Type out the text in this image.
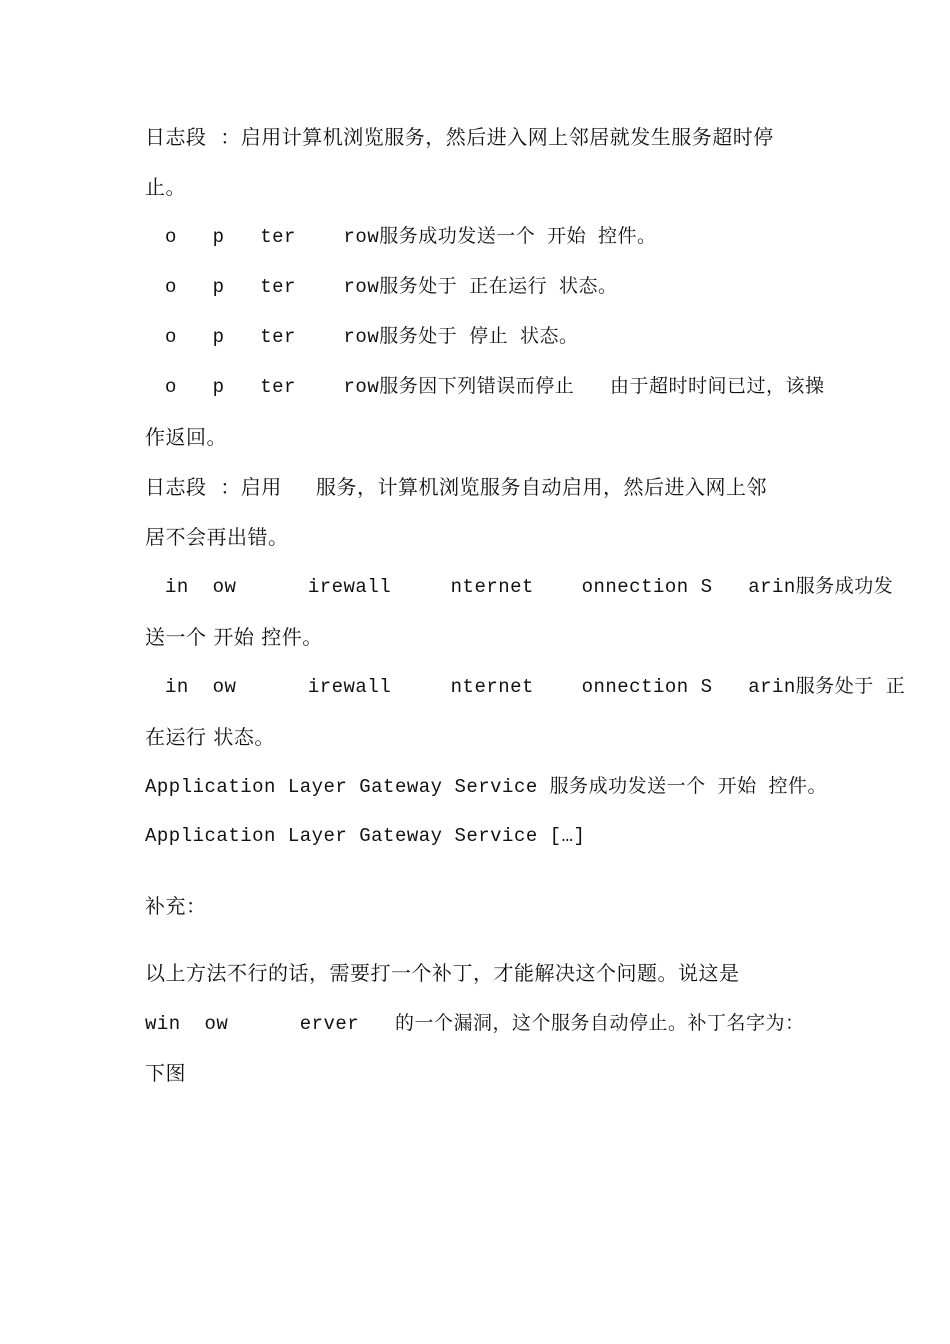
日志段  ：启用计算机浏览服务，然后进入网上邻居就发生服务超时停
止。
o   p   ter    row服务成功发送一个 开始 控件。
o   p   ter    row服务处于 正在运行 状态。
o   p   ter    row服务处于 停止 状态。
o   p   ter    row服务因下列错误而停止   由于超时时间已过，该操
作返回。
日志段  ：启用     服务，计算机浏览服务自动启用，然后进入网上邻
居不会再出错。
in  ow      irewall     nternet    onnection S   arin服务成功发
送一个 开始 控件。
in  ow      irewall     nternet    onnection S   arin服务处于 正
在运行 状态。
Application Layer Gateway Service 服务成功发送一个 开始 控件。
Application Layer Gateway Service […]
补充：
以上方法不行的话，需要打一个补丁，才能解决这个问题。说这是
win  ow      erver   的一个漏洞，这个服务自动停止。补丁名字为：
下图
